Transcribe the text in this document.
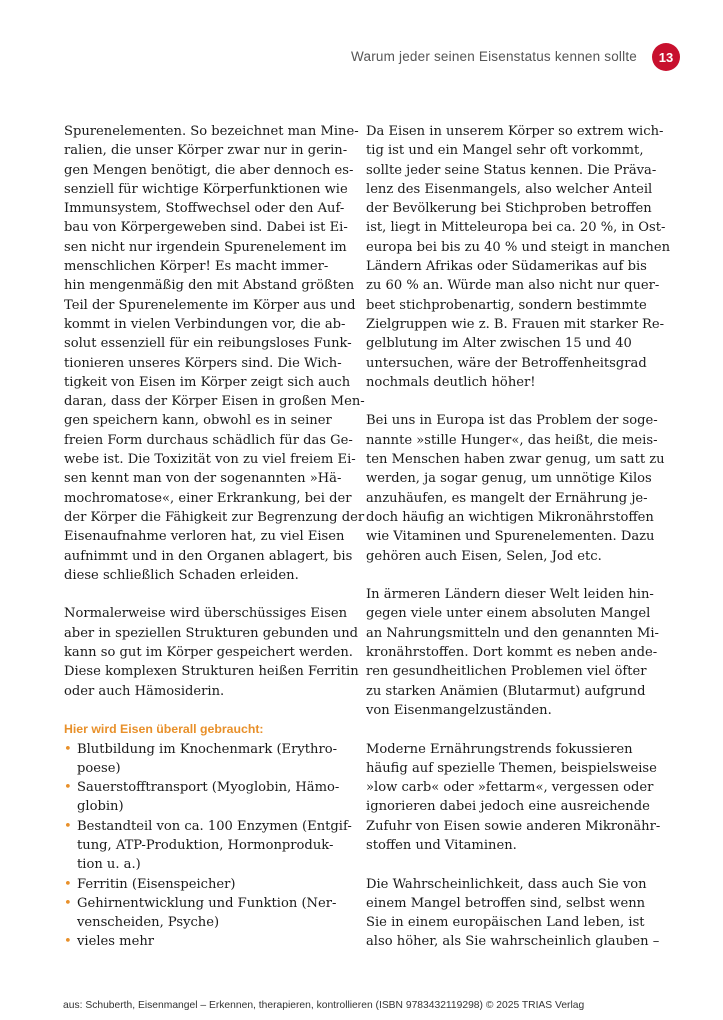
Warum jeder seinen Eisenstatus kennen sollte	13

Spurenelementen. So bezeichnet man Mine-
ralien, die unser Körper zwar nur in gerin-
gen Mengen benötigt, die aber dennoch es-
senziell für wichtige Körperfunktionen wie
Immunsystem, Stoffwechsel oder den Auf-
bau von Körpergeweben sind. Dabei ist Ei-
sen nicht nur irgendein Spurenelement im
menschlichen Körper! Es macht immer-
hin mengenmäßig den mit Abstand größten
Teil der Spurenelemente im Körper aus und
kommt in vielen Verbindungen vor, die ab-
solut essenziell für ein reibungsloses Funk-
tionieren unseres Körpers sind. Die Wich-
tigkeit von Eisen im Körper zeigt sich auch
daran, dass der Körper Eisen in großen Men-
gen speichern kann, obwohl es in seiner
freien Form durchaus schädlich für das Ge-
webe ist. Die Toxizität von zu viel freiem Ei-
sen kennt man von der sogenannten »Hä-
mochromatose«, einer Erkrankung, bei der
der Körper die Fähigkeit zur Begrenzung der
Eisenaufnahme verloren hat, zu viel Eisen
aufnimmt und in den Organen ablagert, bis
diese schließlich Schaden erleiden.

Normalerweise wird überschüssiges Eisen
aber in speziellen Strukturen gebunden und
kann so gut im Körper gespeichert werden.
Diese komplexen Strukturen heißen Ferritin
oder auch Hämosiderin.

Hier wird Eisen überall gebraucht:
• Blutbildung im Knochenmark (Erythro-
poese)
• Sauerstofftransport (Myoglobin, Hämo-
globin)
• Bestandteil von ca. 100 Enzymen (Entgif-
tung, ATP-Produktion, Hormonproduk-
tion u. a.)
• Ferritin (Eisenspeicher)
• Gehirnentwicklung und Funktion (Ner-
venscheiden, Psyche)
• vieles mehr

Da Eisen in unserem Körper so extrem wich-
tig ist und ein Mangel sehr oft vorkommt,
sollte jeder seine Status kennen. Die Präva-
lenz des Eisenmangels, also welcher Anteil
der Bevölkerung bei Stichproben betroffen
ist, liegt in Mitteleuropa bei ca. 20 %, in Ost-
europa bei bis zu 40 % und steigt in manchen
Ländern Afrikas oder Südamerikas auf bis
zu 60 % an. Würde man also nicht nur quer-
beet stichprobenartig, sondern bestimmte
Zielgruppen wie z. B. Frauen mit starker Re-
gelblutung im Alter zwischen 15 und 40
untersuchen, wäre der Betroffenheitsgrad
nochmals deutlich höher!

Bei uns in Europa ist das Problem der soge-
nannte »stille Hunger«, das heißt, die meis-
ten Menschen haben zwar genug, um satt zu
werden, ja sogar genug, um unnötige Kilos
anzuhäufen, es mangelt der Ernährung je-
doch häufig an wichtigen Mikronährstoffen
wie Vitaminen und Spurenelementen. Dazu
gehören auch Eisen, Selen, Jod etc.

In ärmeren Ländern dieser Welt leiden hin-
gegen viele unter einem absoluten Mangel
an Nahrungsmitteln und den genannten Mi-
kronährstoffen. Dort kommt es neben ande-
ren gesundheitlichen Problemen viel öfter
zu starken Anämien (Blutarmut) aufgrund
von Eisenmangelzuständen.

Moderne Ernährungstrends fokussieren
häufig auf spezielle Themen, beispielsweise
»low carb« oder »fettarm«, vergessen oder
ignorieren dabei jedoch eine ausreichende
Zufuhr von Eisen sowie anderen Mikronähr-
stoffen und Vitaminen.

Die Wahrscheinlichkeit, dass auch Sie von
einem Mangel betroffen sind, selbst wenn
Sie in einem europäischen Land leben, ist
also höher, als Sie wahrscheinlich glauben –

aus: Schuberth, Eisenmangel – Erkennen, therapieren, kontrollieren (ISBN 9783432119298) © 2025 TRIAS Verlag
